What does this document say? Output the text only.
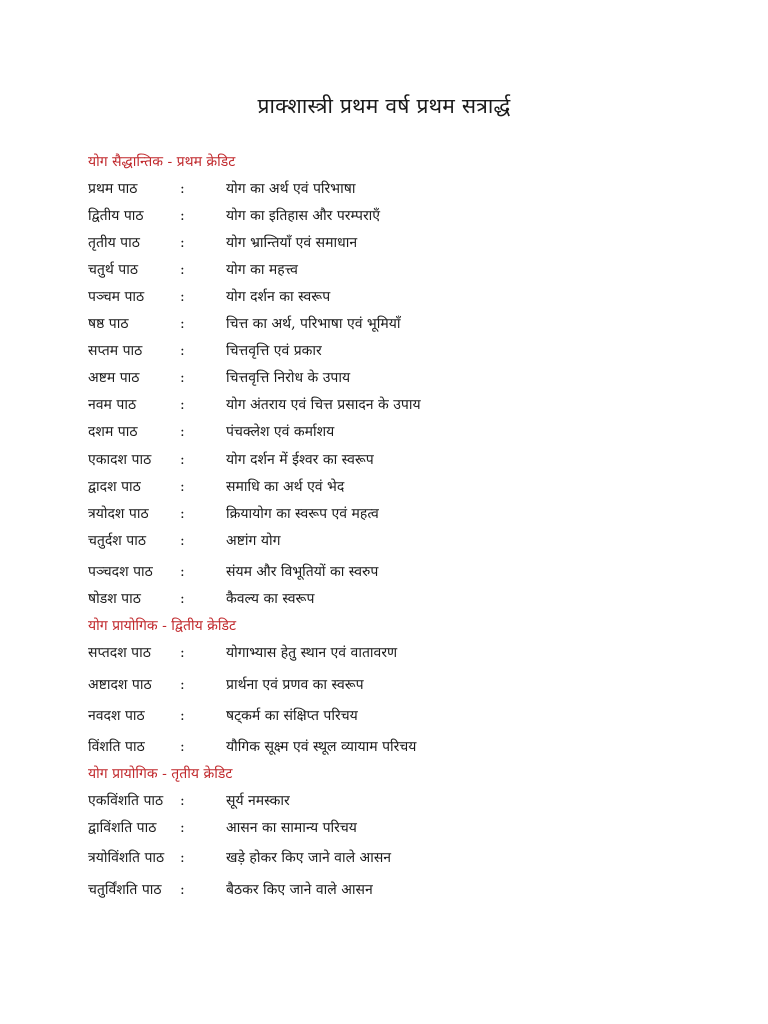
प्राक्शास्त्री प्रथम वर्ष प्रथम सत्रार्द्ध
योग सैद्धान्तिक - प्रथम क्रेडिट
प्रथम पाठ	:	योग का अर्थ एवं परिभाषा
द्वितीय पाठ	:	योग का इतिहास और परम्पराएँ
तृतीय पाठ	:	योग भ्रान्तियाँ एवं समाधान
चतुर्थ पाठ	:	योग का महत्त्व
पञ्चम पाठ	:	योग दर्शन का स्वरूप
षष्ठ पाठ	:	चित्त का अर्थ, परिभाषा एवं भूमियाँ
सप्तम पाठ	:	चित्तवृत्ति एवं प्रकार
अष्टम पाठ	:	चित्तवृत्ति निरोध के उपाय
नवम पाठ	:	योग अंतराय एवं चित्त प्रसादन के उपाय
दशम पाठ	:	पंचक्लेश एवं कर्माशय
एकादश पाठ :	योग दर्शन में ईश्वर का स्वरूप
द्वादश पाठ	:	समाधि का अर्थ एवं भेद
त्रयोदश पाठ :	क्रियायोग का स्वरूप एवं महत्व
चतुर्दश पाठ :	अष्टांग योग
पञ्चदश पाठ :	संयम और विभूतियों का स्वरुप
षोडश पाठ	:	कैवल्य का स्वरूप
योग प्रायोगिक - द्वितीय क्रेडिट
सप्तदश पाठ :	योगाभ्यास हेतु स्थान एवं वातावरण
अष्टादश पाठ :	प्रार्थना एवं प्रणव का स्वरूप
नवदश पाठ	:	षट्कर्म का संक्षिप्त परिचय
विंशति पाठ	:	यौगिक सूक्ष्म एवं स्थूल व्यायाम परिचय
योग प्रायोगिक - तृतीय क्रेडिट
एकविंशति पाठ :	सूर्य नमस्कार
द्वाविंशति पाठ :	आसन का सामान्य परिचय
त्रयोविंशति पाठ :	खड़े होकर किए जाने वाले आसन
चतुर्विंशति पाठ :	बैठकर किए जाने वाले आसन
